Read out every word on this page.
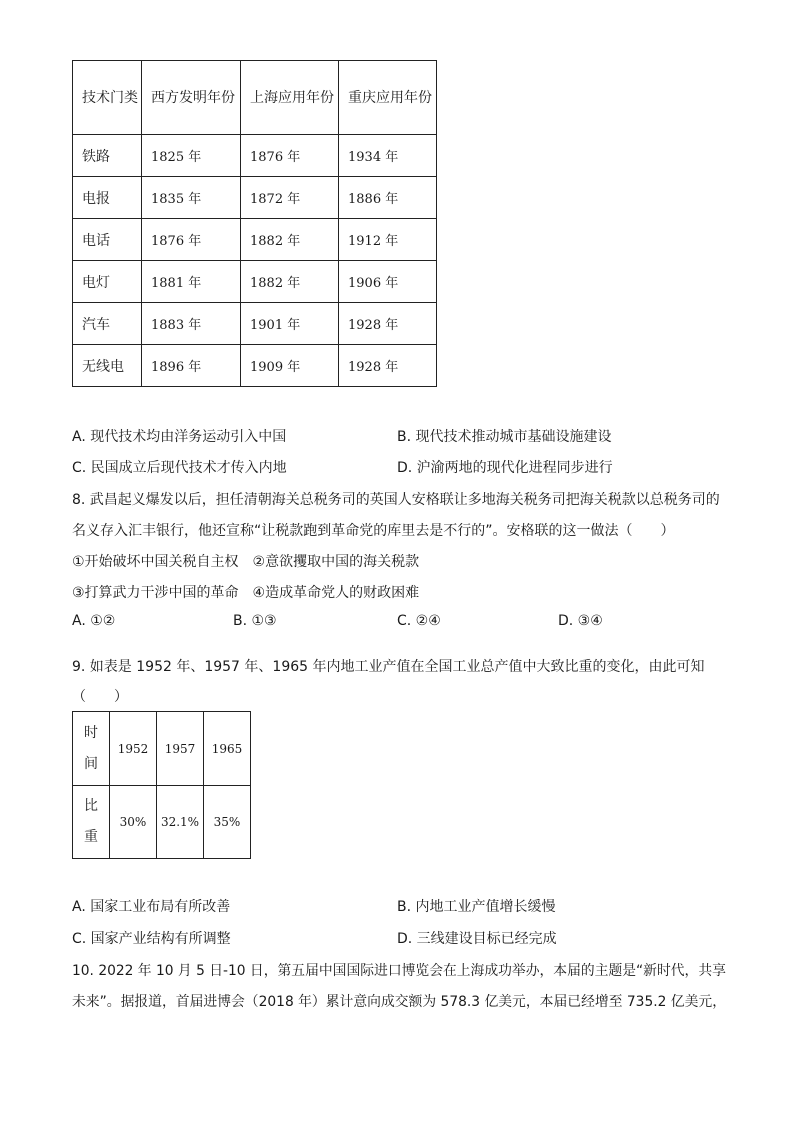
技术门类	西方发明年份	上海应用年份	重庆应用年份
铁路	1825 年	1876 年	1934 年
电报	1835 年	1872 年	1886 年
电话	1876 年	1882 年	1912 年
电灯	1881 年	1882 年	1906 年
汽车	1883 年	1901 年	1928 年
无线电	1896 年	1909 年	1928 年
A. 现代技术均由洋务运动引入中国	B. 现代技术推动城市基础设施建设
C. 民国成立后现代技术才传入内地	D. 沪渝两地的现代化进程同步进行
8. 武昌起义爆发以后，担任清朝海关总税务司的英国人安格联让多地海关税务司把海关税款以总税务司的
名义存入汇丰银行，他还宣称“让税款跑到革命党的库里去是不行的”。安格联的这一做法（　　）
①开始破坏中国关税自主权　②意欲攫取中国的海关税款
③打算武力干涉中国的革命　④造成革命党人的财政困难
A. ①②	B. ①③	C. ②④	D. ③④
9. 如表是 1952 年、1957 年、1965 年内地工业产值在全国工业总产值中大致比重的变化，由此可知
（　　）
时
间	1952	1957	1965
比
重	30%	32.1%	35%
A. 国家工业布局有所改善	B. 内地工业产值增长缓慢
C. 国家产业结构有所调整	D. 三线建设目标已经完成
10. 2022 年 10 月 5 日-10 日，第五届中国国际进口博览会在上海成功举办，本届的主题是“新时代，共享
未来”。据报道，首届进博会（2018 年）累计意向成交额为 578.3 亿美元，本届已经增至 735.2 亿美元，
